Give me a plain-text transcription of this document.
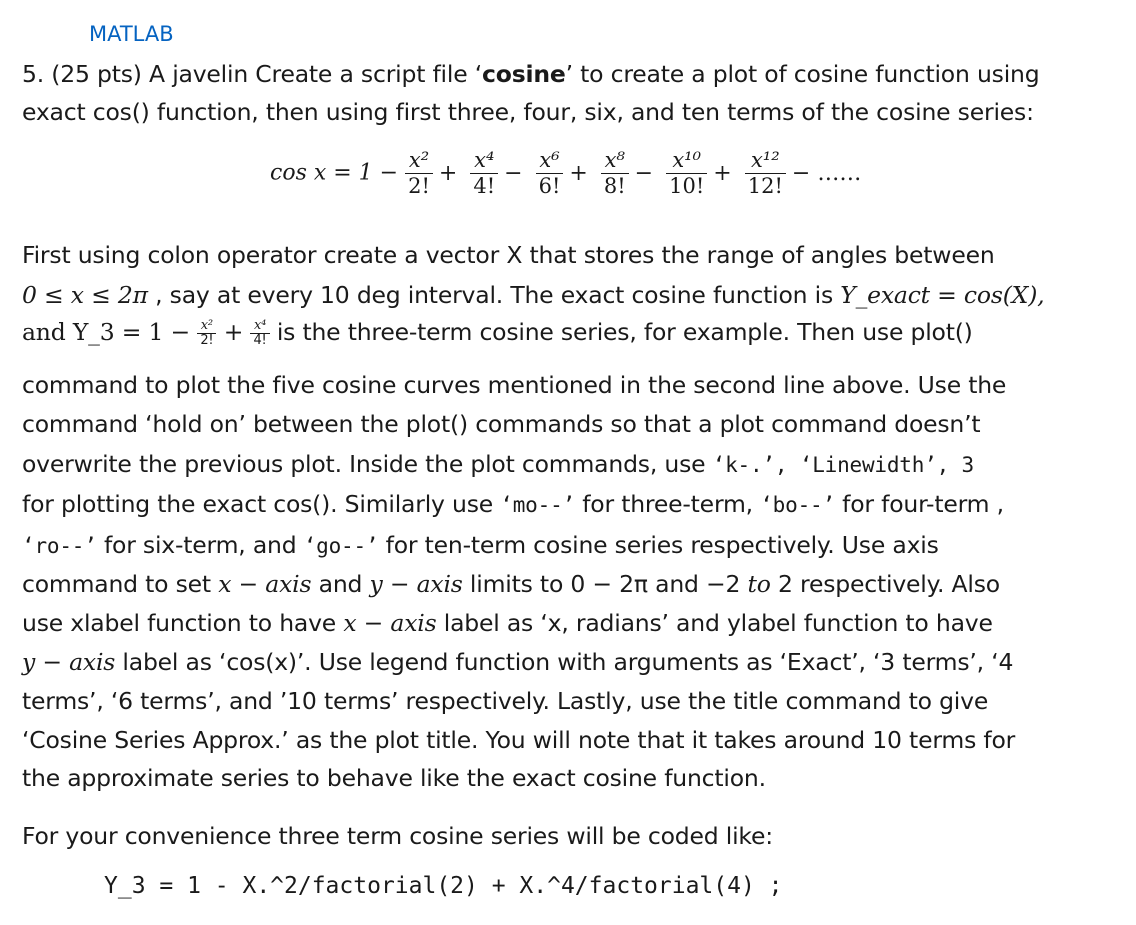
MATLAB
5. (25 pts) A javelin Create a script file ‘cosine’ to create a plot of cosine function using
exact cos() function, then using first three, four, six, and ten terms of the cosine series:
$\cos x = 1 - \frac{\text{x²}}{2!} + \frac{\text{x⁴}}{4!} - \frac{\text{x⁶}}{6!} + \frac{\text{x⁸}}{8!} - \frac{\text{x¹⁰}}{10!} + \frac{\text{x¹²}}{12!}$ − ……
First using colon operator create a vector X that stores the range of angles between
0 ≤ x ≤ 2π , say at every 10 deg interval. The exact cosine function is Y_exact = cos(X),
and Y_3 = $1 - \frac{\text{x²}}{2!} + \frac{\text{x⁴}}{4!}$ is the three-term cosine series, for example. Then use plot()
command to plot the five cosine curves mentioned in the second line above. Use the
command ‘hold on’ between the plot() commands so that a plot command doesn’t
overwrite the previous plot. Inside the plot commands, use ‘k-.’, ‘Linewidth’, 3
for plotting the exact cos(). Similarly use ‘mo--’ for three-term, ‘bo--’ for four-term ,
‘ro--’ for six-term, and ‘go--’ for ten-term cosine series respectively. Use axis
command to set x − axis and y − axis limits to 0 − 2π and −2 to 2 respectively. Also
use xlabel function to have x − axis label as ‘x, radians’ and ylabel function to have
y − axis label as ‘cos(x)’. Use legend function with arguments as ‘Exact’, ‘3 terms’, ‘4
terms’, ‘6 terms’, and ’10 terms’ respectively. Lastly, use the title command to give
‘Cosine Series Approx.’ as the plot title. You will note that it takes around 10 terms for
the approximate series to behave like the exact cosine function.
For your convenience three term cosine series will be coded like:
Y_3 = 1 - X.^2/factorial(2) + X.^4/factorial(4) ;
